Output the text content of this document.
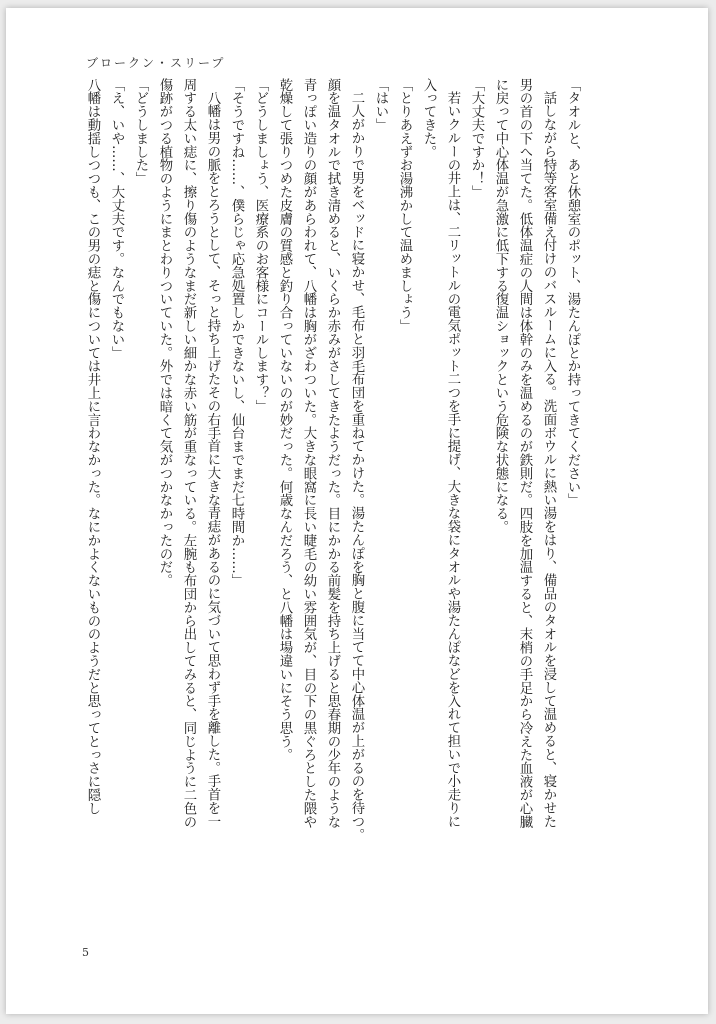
ブロークン・スリープ

「タオルと、あと休憩室のポット、湯たんぽとか持ってきてください」

話しながら特等客室備え付けのバスルームに入る。洗面ボウルに熱い湯をはり、備品のタオルを浸して温めると、寝かせた

男の首の下へ当てた。低体温症の人間は体幹のみを温めるのが鉄則だ。四肢を加温すると、末梢の手足から冷えた血液が心臓

に戻って中心体温が急激に低下する復温ショックという危険な状態になる。

「大丈夫ですか！」

若いクルーの井上は、二リットルの電気ポット二つを手に提げ、大きな袋にタオルや湯たんぽなどを入れて担いで小走りに

入ってきた。

「とりあえずお湯沸かして温めましょう」

「はい」

二人がかりで男をベッドに寝かせ、毛布と羽毛布団を重ねてかけた。湯たんぽを胸と腹に当てて中心体温が上がるのを待つ。

顔を温タオルで拭き清めると、いくらか赤みがさしてきたようだった。目にかかる前髪を持ち上げると思春期の少年のような

青っぽい造りの顔があらわれて、八幡は胸がざわついた。大きな眼窩に長い睫毛の幼い雰囲気が、目の下の黒ぐろとした隈や

乾燥して張りつめた皮膚の質感と釣り合っていないのが妙だった。何歳なんだろう、と八幡は場違いにそう思う。

「どうしましょう、医療系のお客様にコールします？」

「そうですね……、僕らじゃ応急処置しかできないし、仙台までまだ七時間か……」

八幡は男の脈をとろうとして、そっと持ち上げたその右手首に大きな青痣があるのに気づいて思わず手を離した。手首を一

周する太い痣に、擦り傷のようなまだ新しい細かな赤い筋が重なっている。左腕も布団から出してみると、同じように二色の

傷跡がつる植物のようにまとわりついていた。外では暗くて気がつかなかったのだ。

「どうしました」

「え、いや……、大丈夫です。なんでもない」

八幡は動揺しつつも、この男の痣と傷については井上に言わなかった。なにかよくないもののようだと思ってとっさに隠し

5
